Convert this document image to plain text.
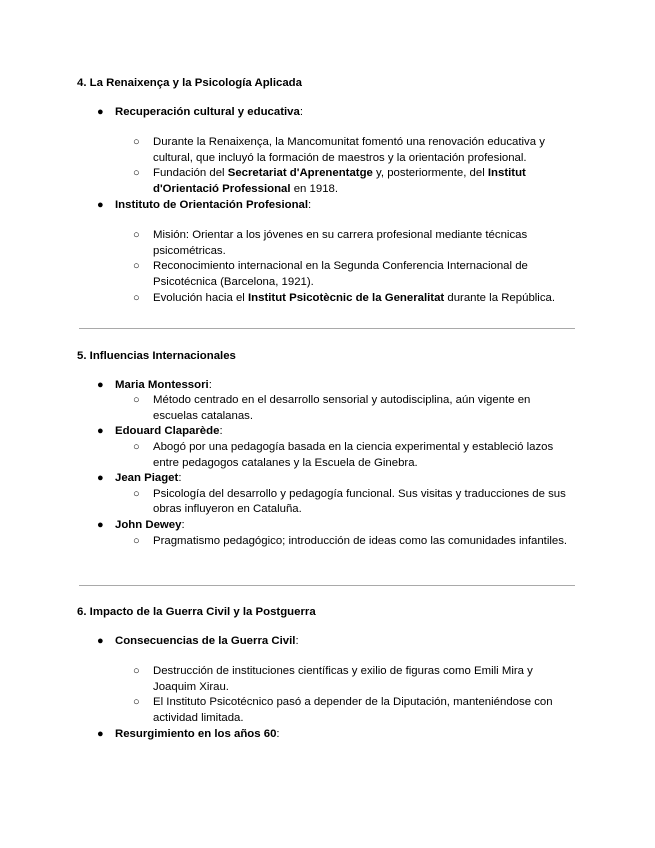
4. La Renaixença y la Psicología Aplicada
● Recuperación cultural y educativa:
○ Durante la Renaixença, la Mancomunitat fomentó una renovación educativa y cultural, que incluyó la formación de maestros y la orientación profesional.
○ Fundación del Secretariat d'Aprenentatge y, posteriormente, del Institut d'Orientació Professional en 1918.
● Instituto de Orientación Profesional:
○ Misión: Orientar a los jóvenes en su carrera profesional mediante técnicas psicométricas.
○ Reconocimiento internacional en la Segunda Conferencia Internacional de Psicotécnica (Barcelona, 1921).
○ Evolución hacia el Institut Psicotècnic de la Generalitat durante la República.
5. Influencias Internacionales
● Maria Montessori:
○ Método centrado en el desarrollo sensorial y autodisciplina, aún vigente en escuelas catalanas.
● Edouard Claparède:
○ Abogó por una pedagogía basada en la ciencia experimental y estableció lazos entre pedagogos catalanes y la Escuela de Ginebra.
● Jean Piaget:
○ Psicología del desarrollo y pedagogía funcional. Sus visitas y traducciones de sus obras influyeron en Cataluña.
● John Dewey:
○ Pragmatismo pedagógico; introducción de ideas como las comunidades infantiles.
6. Impacto de la Guerra Civil y la Postguerra
● Consecuencias de la Guerra Civil:
○ Destrucción de instituciones científicas y exilio de figuras como Emili Mira y Joaquim Xirau.
○ El Instituto Psicotécnico pasó a depender de la Diputación, manteniéndose con actividad limitada.
● Resurgimiento en los años 60:
